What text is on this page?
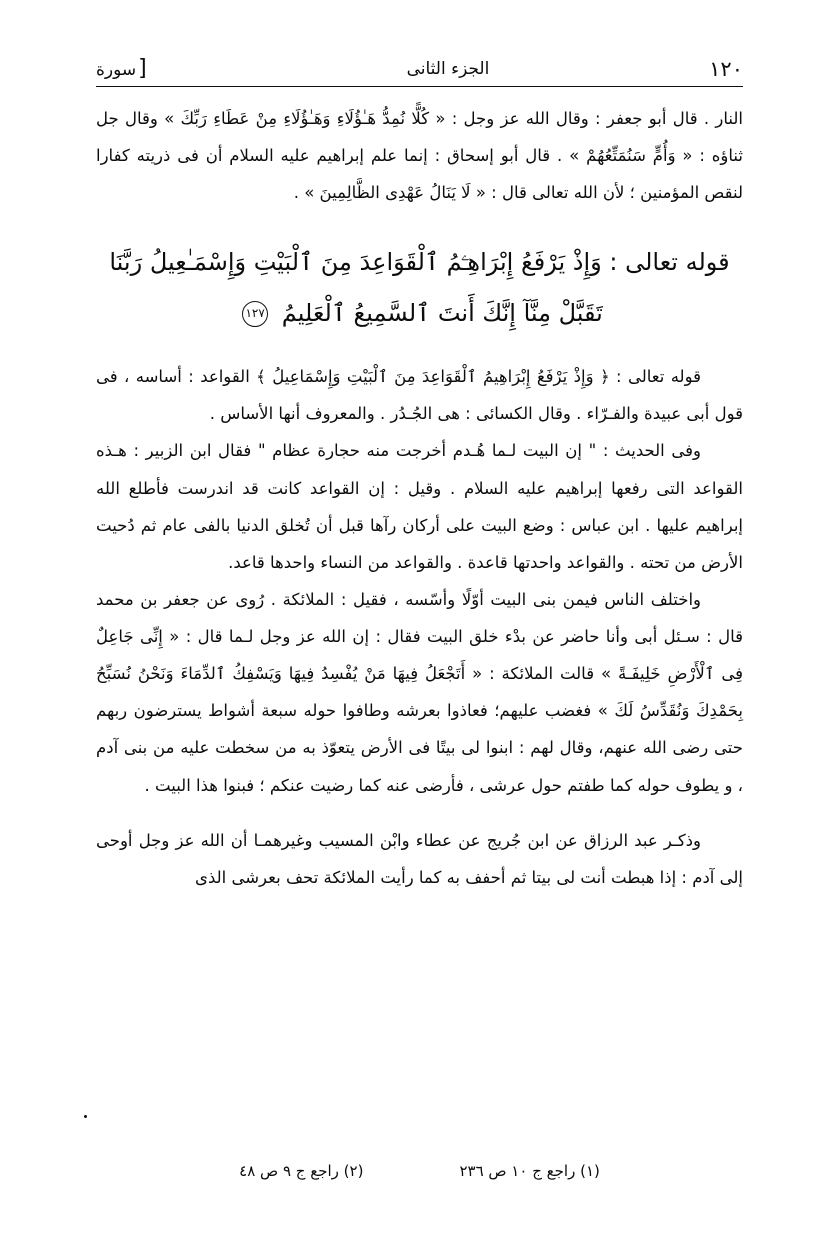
١٢٠
الجزء الثانى
[
سورة

النار . قال أبو جعفر : وقال الله عز وجل : « كُلًّا نُمِدُّ هَـٰؤُلَاءِ وَهَـٰؤُلَاءِ مِنْ عَطَاءِ رَبِّكَ » وقال جل ثناؤه : « وَأُمٍّ سَنُمَتِّعُهُمْ » . قال أبو إسحاق : إنما علم إبراهيم عليه السلام أن فى ذريته كفارا لنقص المؤمنين ؛ لأن الله تعالى قال : « لَا يَنَالُ عَهْدِى الظَّالِمِينَ » .

قوله تعالى : وَإِذْ يَرْفَعُ إِبْرَاهِـۧمُ ٱلْقَوَاعِدَ مِنَ ٱلْبَيْتِ وَإِسْمَـٰعِيلُ رَبَّنَا
تَقَبَّلْ مِنَّآ إِنَّكَ أَنتَ ٱلسَّمِيعُ ٱلْعَلِيمُ ١٢٧

قوله تعالى : ﴿ وَإِذْ يَرْفَعُ إِبْرَاهِيمُ ٱلْقَوَاعِدَ مِنَ ٱلْبَيْتِ وَإِسْمَاعِيلُ ﴾ القواعد : أساسه ، فى قول أبى عبيدة والفـرّاء . وقال الكسائى : هى الجُـدُر . والمعروف أنها الأساس .

وفى الحديث : " إن البيت لـما هُـدم أخرجت منه حجارة عظام " فقال ابن الزبير : هـذه القواعد التى رفعها إبراهيم عليه السلام . وقيل : إن القواعد كانت قد اندرست فأطلع الله إبراهيم عليها . ابن عباس : وضع البيت على أركان رآها قبل أن تُخلق الدنيا بالفى عام ثم دُحيت الأرض من تحته . والقواعد واحدتها قاعدة . والقواعد من النساء واحدها قاعد.

واختلف الناس فيمن بنى البيت أوّلًا وأسّسه ، فقيل : الملائكة . رُوى عن جعفر بن محمد قال : سـئل أبى وأنا حاضر عن بدْء خلق البيت فقال : إن الله عز وجل لـما قال : « إِنِّى جَاعِلٌ فِى ٱلْأَرْضِ خَلِيفَـةً » قالت الملائكة : « أَتَجْعَلُ فِيهَا مَنْ يُفْسِدُ فِيهَا وَيَسْفِكُ ٱلدِّمَاءَ وَنَحْنُ نُسَبِّحُ بِحَمْدِكَ وَنُقَدِّسُ لَكَ » فغضب عليهم؛ فعاذوا بعرشه وطافوا حوله سبعة أشواط يسترضون ربهم حتى رضى الله عنهم، وقال لهم : ابنوا لى بيتًا فى الأرض يتعوّذ به من سخطت عليه من بنى آدم ، و يطوف حوله كما طفتم حول عرشى ، فأرضى عنه كما رضيت عنكم ؛ فبنوا هذا البيت .

وذكـر عبد الرزاق عن ابن جُريج عن عطاء وابْن المسيب وغيرهمـا أن الله عز وجل أوحى إلى آدم : إذا هبطت أنت لى بيتا ثم أحفف به كما رأيت الملائكة تحف بعرشى الذى

(١) راجع ج ١٠ ص ٢٣٦
(٢) راجع ج ٩ ص ٤٨
